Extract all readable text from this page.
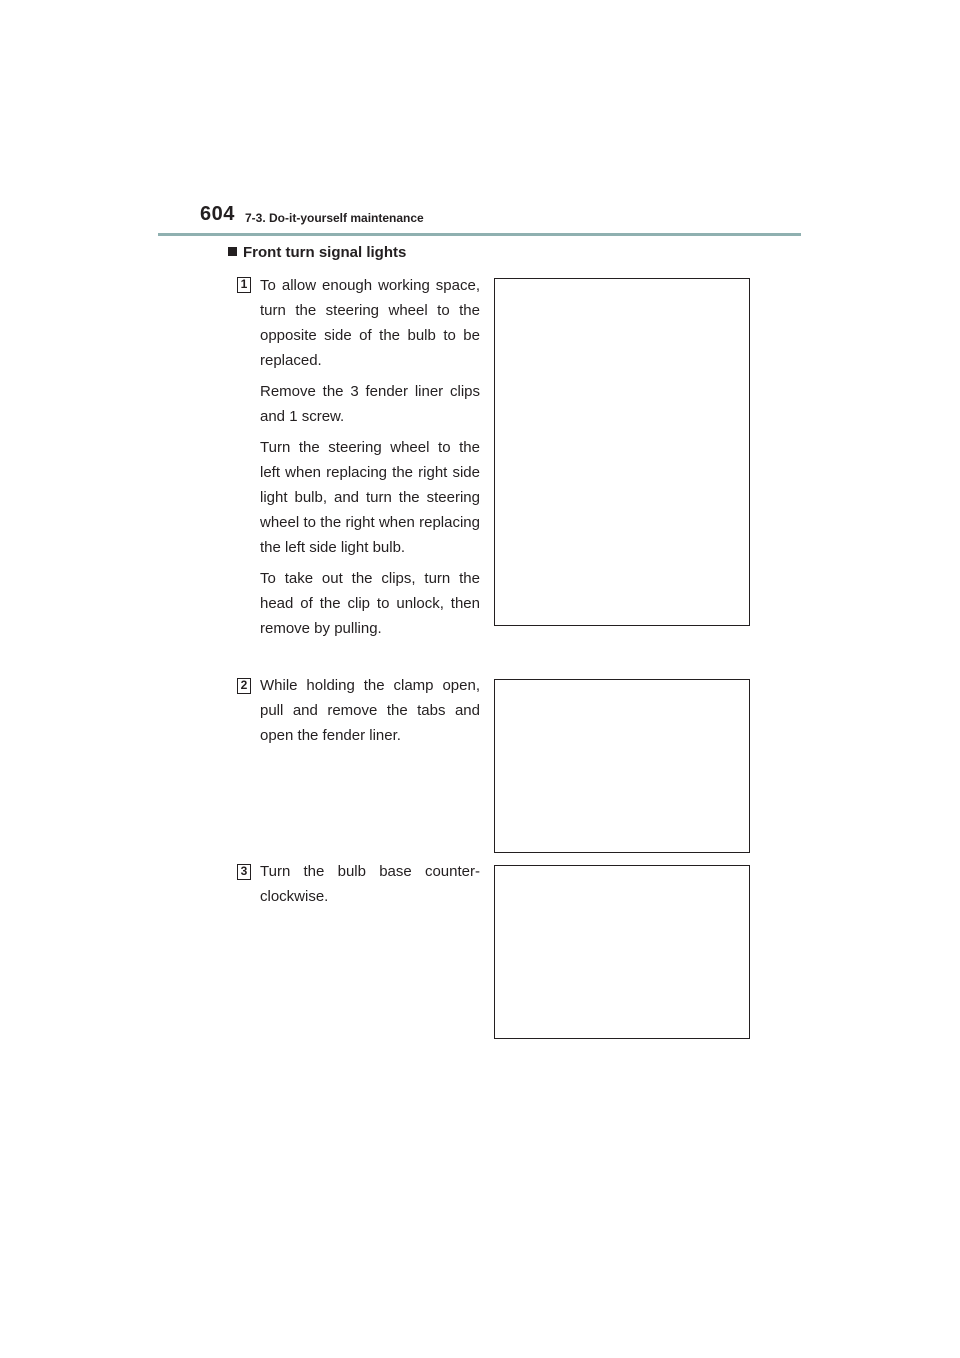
604 7-3. Do-it-yourself maintenance
Front turn signal lights
1 To allow enough working space, turn the steering wheel to the opposite side of the bulb to be replaced.

Remove the 3 fender liner clips and 1 screw.

Turn the steering wheel to the left when replacing the right side light bulb, and turn the steering wheel to the right when replacing the left side light bulb.

To take out the clips, turn the head of the clip to unlock, then remove by pulling.

2 While holding the clamp open, pull and remove the tabs and open the fender liner.

3 Turn the bulb base counter-clockwise.
